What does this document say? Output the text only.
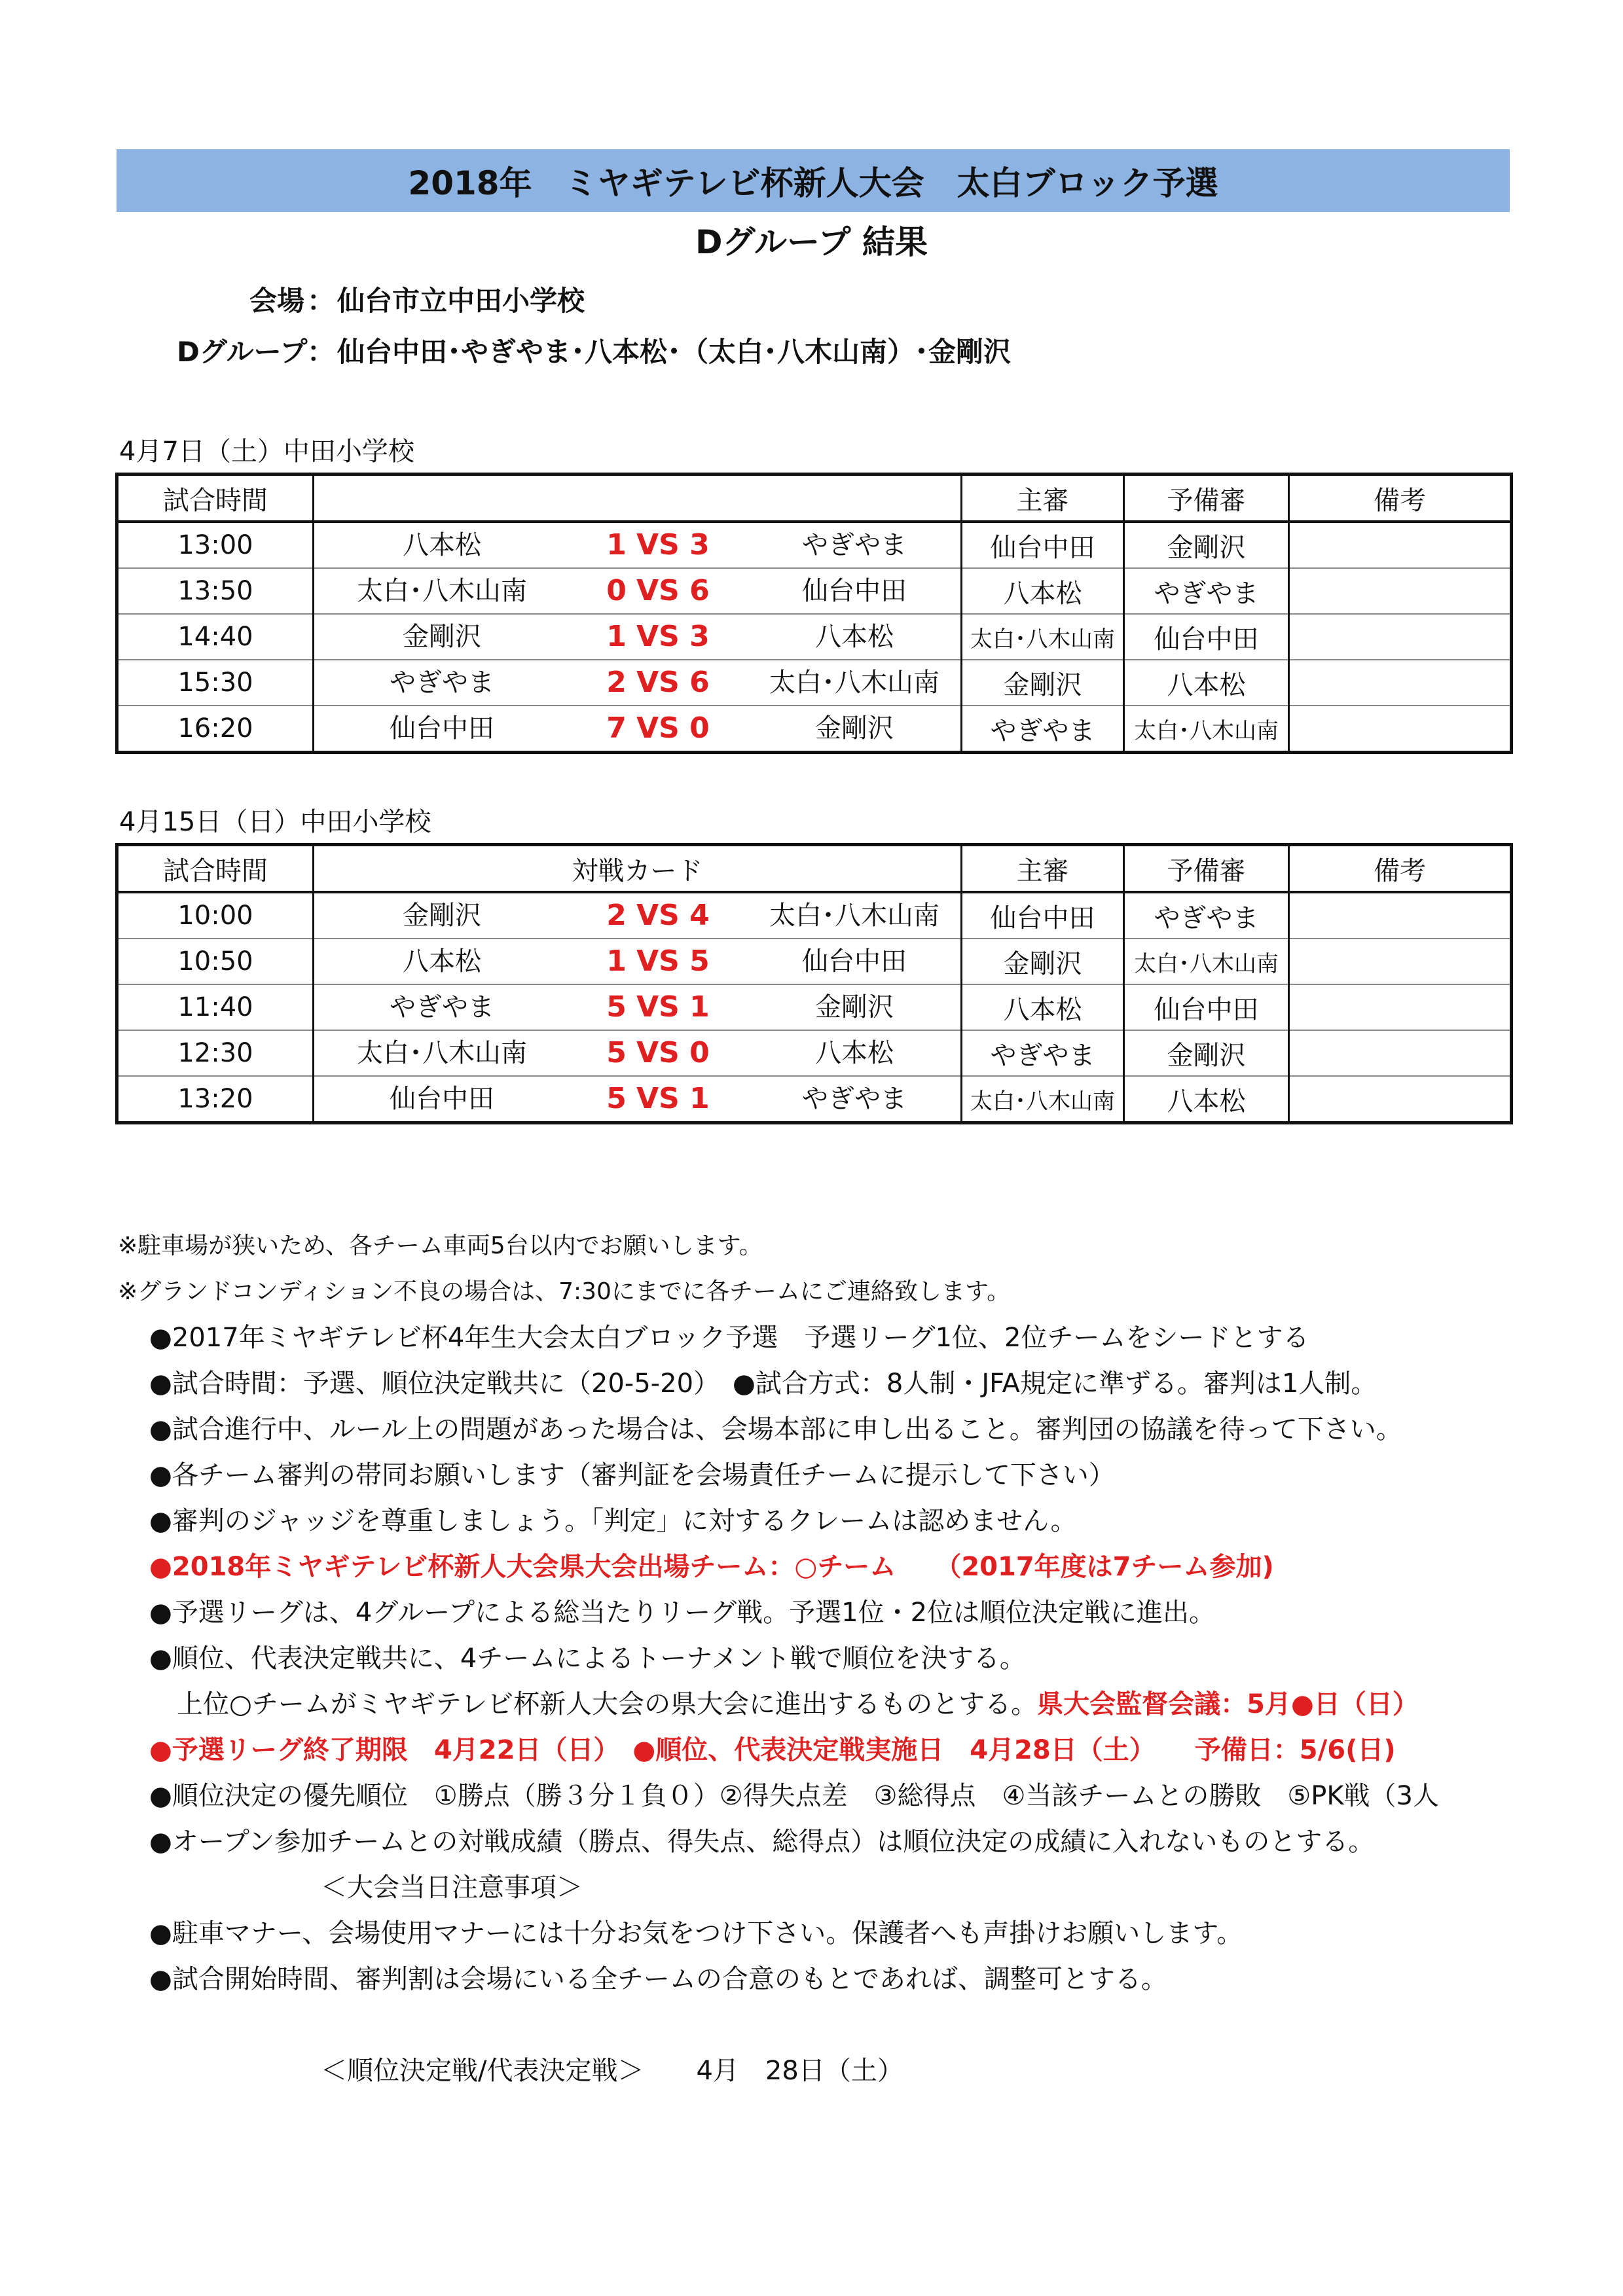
2018年　ミヤギテレビ杯新人大会　太白ブロック予選
Dグループ 結果
会場：仙台市立中田小学校
Dグループ：仙台中田･やぎやま･八本松･（太白･八木山南）･金剛沢
4月7日（土）中田小学校
試合時間		主審	予備審	備考
13:00	八本松 1 VS 3 やぎやま	仙台中田	金剛沢	
13:50	太白･八木山南 0 VS 6 仙台中田	八本松	やぎやま	
14:40	金剛沢 1 VS 3 八本松	太白･八木山南	仙台中田	
15:30	やぎやま 2 VS 6 太白･八木山南	金剛沢	八本松	
16:20	仙台中田 7 VS 0 金剛沢	やぎやま	太白･八木山南	
4月15日（日）中田小学校
試合時間	対戦カード	主審	予備審	備考
10:00	金剛沢 2 VS 4 太白･八木山南	仙台中田	やぎやま	
10:50	八本松 1 VS 5 仙台中田	金剛沢	太白･八木山南	
11:40	やぎやま 5 VS 1 金剛沢	八本松	仙台中田	
12:30	太白･八木山南 5 VS 0 八本松	やぎやま	金剛沢	
13:20	仙台中田 5 VS 1 やぎやま	太白･八木山南	八本松	
※駐車場が狭いため、各チーム車両5台以内でお願いします。
※グランドコンディション不良の場合は、7:30にまでに各チームにご連絡致します。
●2017年ミヤギテレビ杯4年生大会太白ブロック予選　予選リーグ1位、2位チームをシードとする
●試合時間：予選、順位決定戦共に（20-5-20）　●試合方式：8人制・JFA規定に準ずる。審判は1人制。
●試合進行中、ルール上の問題があった場合は、会場本部に申し出ること。審判団の協議を待って下さい。
●各チーム審判の帯同お願いします（審判証を会場責任チームに提示して下さい）
●審判のジャッジを尊重しましょう。「判定」に対するクレームは認めません。
●2018年ミヤギテレビ杯新人大会県大会出場チーム：○チーム　　（2017年度は7チーム参加)
●予選リーグは、4グループによる総当たりリーグ戦。予選1位・2位は順位決定戦に進出。
●順位、代表決定戦共に、4チームによるトーナメント戦で順位を決する。
上位○チームがミヤギテレビ杯新人大会の県大会に進出するものとする。県大会監督会議：5月●日（日）
●予選リーグ終了期限　4月22日（日）　●順位、代表決定戦実施日　4月28日（土）　　予備日：5/6(日)
●順位決定の優先順位　①勝点（勝３分１負０）②得失点差　③総得点　④当該チームとの勝敗　⑤PK戦（3人
●オープン参加チームとの対戦成績（勝点、得失点、総得点）は順位決定の成績に入れないものとする。
＜大会当日注意事項＞
●駐車マナー、会場使用マナーには十分お気をつけ下さい。保護者へも声掛けお願いします。
●試合開始時間、審判割は会場にいる全チームの合意のもとであれば、調整可とする。
＜順位決定戦/代表決定戦＞　　4月　28日（土）
